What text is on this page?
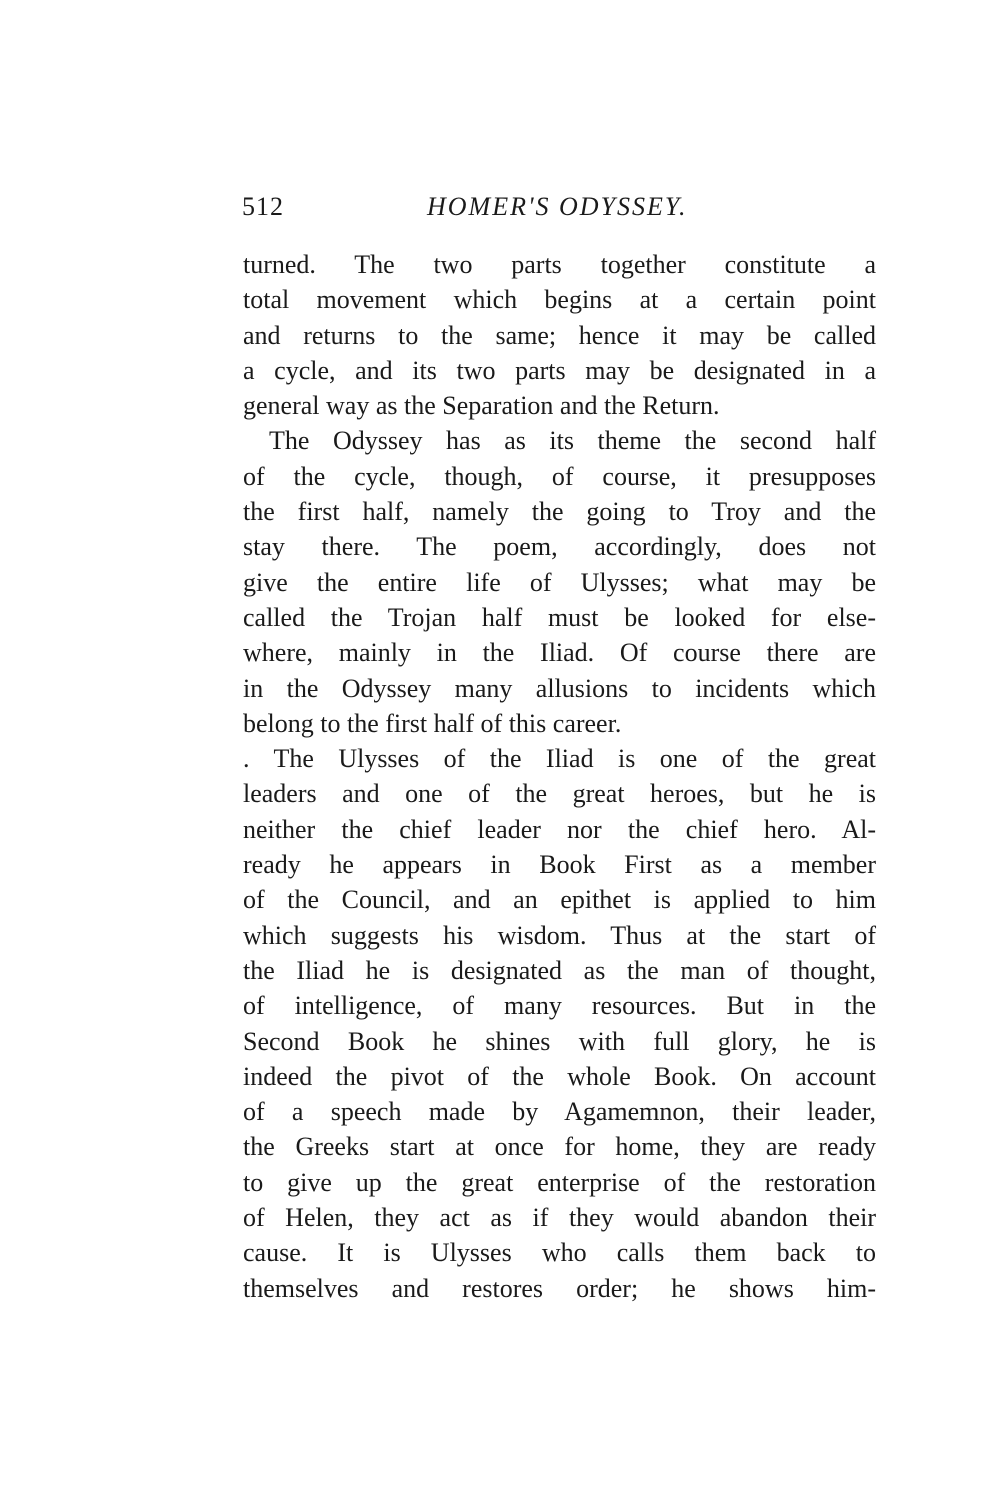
512	HOMER'S ODYSSEY.
turned. The two parts together constitute a
total movement which begins at a certain point
and returns to the same; hence it may be called
a cycle, and its two parts may be designated in a
general way as the Separation and the Return.
The Odyssey has as its theme the second half
of the cycle, though, of course, it presupposes
the first half, namely the going to Troy and the
stay there. The poem, accordingly, does not
give the entire life of Ulysses; what may be
called the Trojan half must be looked for else-
where, mainly in the Iliad. Of course there are
in the Odyssey many allusions to incidents which
belong to the first half of this career.
. The Ulysses of the Iliad is one of the great
leaders and one of the great heroes, but he is
neither the chief leader nor the chief hero. Al-
ready he appears in Book First as a member
of the Council, and an epithet is applied to him
which suggests his wisdom. Thus at the start of
the Iliad he is designated as the man of thought,
of intelligence, of many resources. But in the
Second Book he shines with full glory, he is
indeed the pivot of the whole Book. On account
of a speech made by Agamemnon, their leader,
the Greeks start at once for home, they are ready
to give up the great enterprise of the restoration
of Helen, they act as if they would abandon their
cause. It is Ulysses who calls them back to
themselves and restores order; he shows him-
